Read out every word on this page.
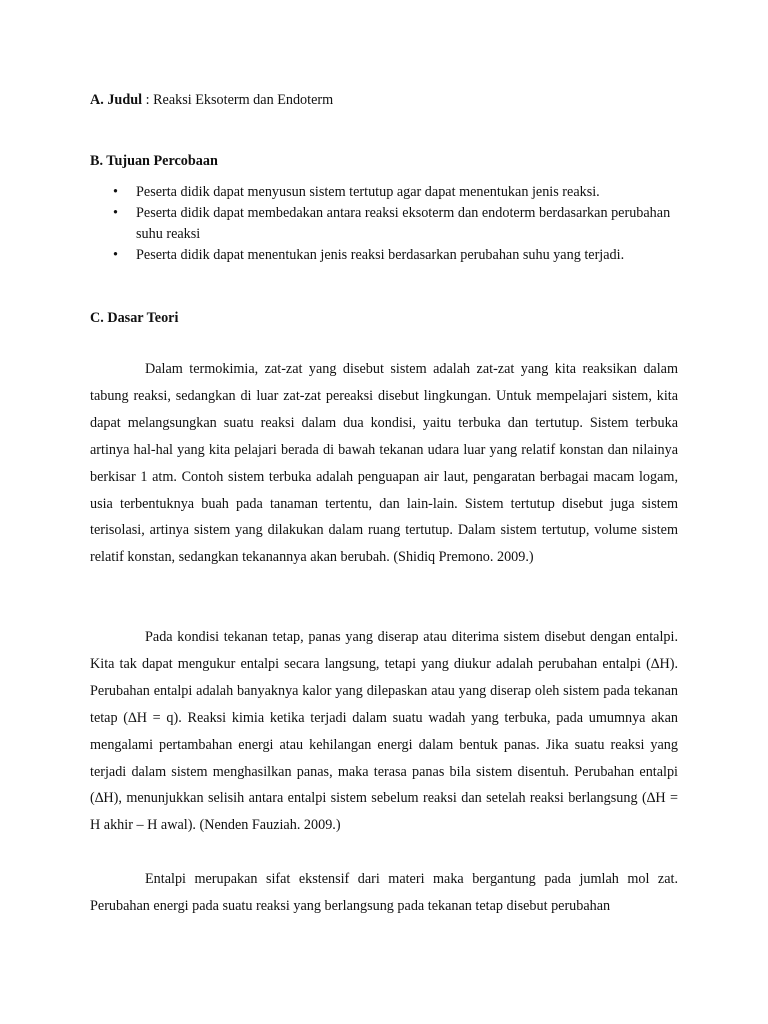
A. Judul : Reaksi Eksoterm dan Endoterm
B. Tujuan Percobaan
• Peserta didik dapat menyusun sistem tertutup agar dapat menentukan jenis reaksi.
• Peserta didik dapat membedakan antara reaksi eksoterm dan endoterm berdasarkan perubahan suhu reaksi
• Peserta didik dapat menentukan jenis reaksi berdasarkan perubahan suhu yang terjadi.
C. Dasar Teori

Dalam termokimia, zat-zat yang disebut sistem adalah zat-zat yang kita reaksikan dalam tabung reaksi, sedangkan di luar zat-zat pereaksi disebut lingkungan. Untuk mempelajari sistem, kita dapat melangsungkan suatu reaksi dalam dua kondisi, yaitu terbuka dan tertutup. Sistem terbuka artinya hal-hal yang kita pelajari berada di bawah tekanan udara luar yang relatif konstan dan nilainya berkisar 1 atm. Contoh sistem terbuka adalah penguapan air laut, pengaratan berbagai macam logam, usia terbentuknya buah pada tanaman tertentu, dan lain-lain. Sistem tertutup disebut juga sistem terisolasi, artinya sistem yang dilakukan dalam ruang tertutup. Dalam sistem tertutup, volume sistem relatif konstan, sedangkan tekanannya akan berubah. (Shidiq Premono. 2009.)

Pada kondisi tekanan tetap, panas yang diserap atau diterima sistem disebut dengan entalpi. Kita tak dapat mengukur entalpi secara langsung, tetapi yang diukur adalah perubahan entalpi (∆H). Perubahan entalpi adalah banyaknya kalor yang dilepaskan atau yang diserap oleh sistem pada tekanan tetap (∆H = q). Reaksi kimia ketika terjadi dalam suatu wadah yang terbuka, pada umumnya akan mengalami pertambahan energi atau kehilangan energi dalam bentuk panas. Jika suatu reaksi yang terjadi dalam sistem menghasilkan panas, maka terasa panas bila sistem disentuh. Perubahan entalpi (∆H), menunjukkan selisih antara entalpi sistem sebelum reaksi dan setelah reaksi berlangsung (∆H = H akhir – H awal). (Nenden Fauziah. 2009.)

Entalpi merupakan sifat ekstensif dari materi maka bergantung pada jumlah mol zat. Perubahan energi pada suatu reaksi yang berlangsung pada tekanan tetap disebut perubahan
